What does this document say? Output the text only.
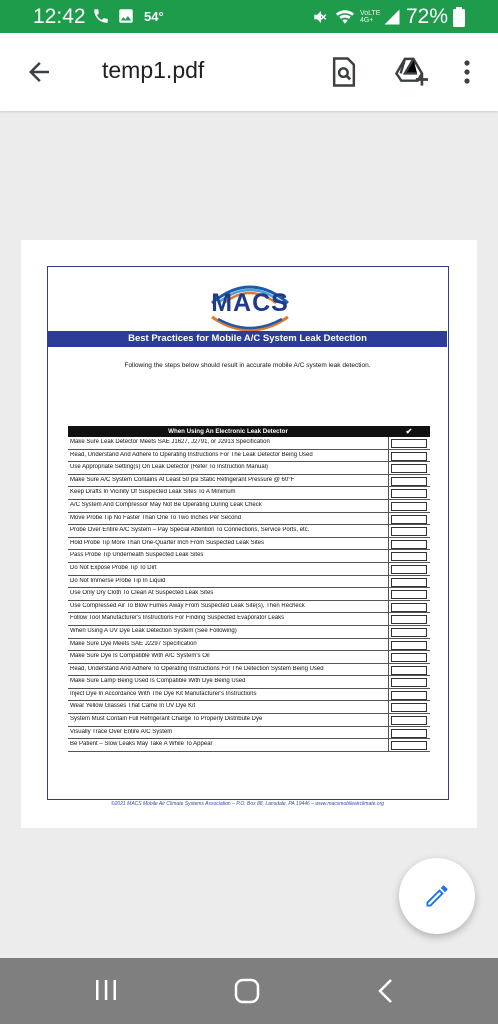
12:42	54°	VoLTE 4G+ 72%
temp1.pdf
MACS
Best Practices for Mobile A/C System Leak Detection
Following the steps below should result in accurate mobile A/C system leak detection.
When Using An Electronic Leak Detector	✔
Make Sure Leak Detector Meets SAE J1627, J2791, or J2913 Specification
Read, Understand And Adhere to Operating Instructions For The Leak Detector Being Used
Use Appropriate Setting(s) On Leak Detector (Refer To Instruction Manual)
Make Sure A/C System Contains At Least 50 psi Static Refrigerant Pressure @ 60°F
Keep Drafts In Vicinity Of Suspected Leak Sites To A Minimum
A/C System And Compressor May Not Be Operating During Leak Check
Move Probe Tip No Faster Than One To Two Inches Per Second
Probe Over Entire A/C System – Pay Special Attention To Connections, Service Ports, etc.
Hold Probe Tip More Than One-Quarter Inch From Suspected Leak Sites
Pass Probe Tip Underneath Suspected Leak Sites
Do Not Expose Probe Tip To Dirt
Do Not Immerse Probe Tip In Liquid
Use Only Dry Cloth To Clean At Suspected Leak Sites
Use Compressed Air To Blow Fumes Away From Suspected Leak Site(s), Then Recheck
Follow Tool Manufacturer's Instructions For Finding Suspected Evaporator Leaks
When Using A UV Dye Leak Detection System (See Following)
Make Sure Dye Meets SAE J2297 Specification
Make Sure Dye Is Compatible With A/C System's Oil
Read, Understand And Adhere To Operating Instructions For The Detection System Being Used
Make Sure Lamp Being Used Is Compatible With Dye Being Used
Inject Dye In Accordance With The Dye Kit Manufacturer's Instructions
Wear Yellow Glasses That Came In UV Dye Kit
System Must Contain Full Refrigerant Charge To Properly Distribute Dye
Visually Trace Over Entire A/C System
Be Patient – Slow Leaks May Take A While To Appear
©2021 MACS Mobile Air Climate Systems Association – P.O. Box 88, Lansdale, PA 19446 – www.macsmobileairclimate.org
